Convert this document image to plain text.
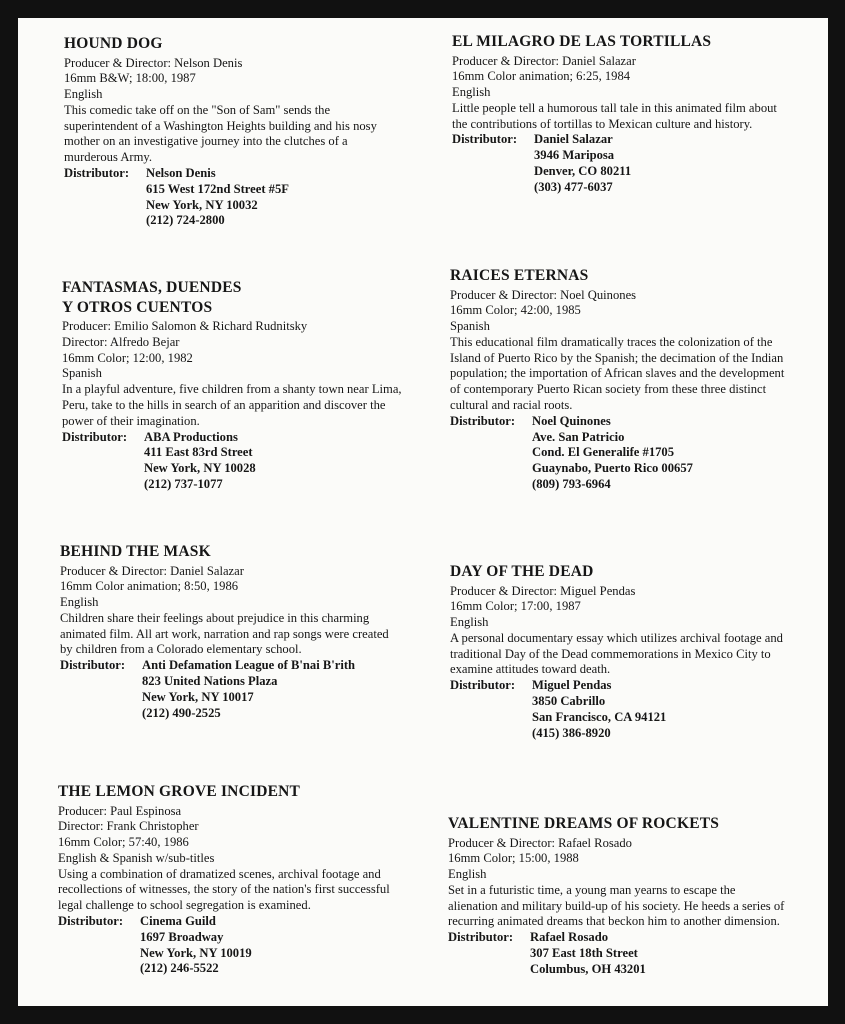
HOUND DOG
Producer & Director: Nelson Denis
16mm B&W; 18:00, 1987
English
This comedic take off on the "Son of Sam" sends the superintendent of a Washington Heights building and his nosy mother on an investigative journey into the clutches of a murderous Army.
Distributor:	Nelson Denis
615 West 172nd Street #5F
New York, NY 10032
(212) 724-2800
FANTASMAS, DUENDES
Y OTROS CUENTOS
Producer: Emilio Salomon & Richard Rudnitsky
Director: Alfredo Bejar
16mm Color; 12:00, 1982
Spanish
In a playful adventure, five children from a shanty town near Lima, Peru, take to the hills in search of an apparition and discover the power of their imagination.
Distributor:	ABA Productions
411 East 83rd Street
New York, NY 10028
(212) 737-1077
BEHIND THE MASK
Producer & Director: Daniel Salazar
16mm Color animation; 8:50, 1986
English
Children share their feelings about prejudice in this charming animated film. All art work, narration and rap songs were created by children from a Colorado elementary school.
Distributor:	Anti Defamation League of B'nai B'rith
823 United Nations Plaza
New York, NY 10017
(212) 490-2525
THE LEMON GROVE INCIDENT
Producer: Paul Espinosa
Director: Frank Christopher
16mm Color; 57:40, 1986
English & Spanish w/sub-titles
Using a combination of dramatized scenes, archival footage and recollections of witnesses, the story of the nation's first successful legal challenge to school segregation is examined.
Distributor:	Cinema Guild
1697 Broadway
New York, NY 10019
(212) 246-5522
EL MILAGRO DE LAS TORTILLAS
Producer & Director: Daniel Salazar
16mm Color animation; 6:25, 1984
English
Little people tell a humorous tall tale in this animated film about the contributions of tortillas to Mexican culture and history.
Distributor:	Daniel Salazar
3946 Mariposa
Denver, CO 80211
(303) 477-6037
RAICES ETERNAS
Producer & Director: Noel Quinones
16mm Color; 42:00, 1985
Spanish
This educational film dramatically traces the colonization of the Island of Puerto Rico by the Spanish; the decimation of the Indian population; the importation of African slaves and the development of contemporary Puerto Rican society from these three distinct cultural and racial roots.
Distributor:	Noel Quinones
Ave. San Patricio
Cond. El Generalife #1705
Guaynabo, Puerto Rico 00657
(809) 793-6964
DAY OF THE DEAD
Producer & Director: Miguel Pendas
16mm Color; 17:00, 1987
English
A personal documentary essay which utilizes archival footage and traditional Day of the Dead commemorations in Mexico City to examine attitudes toward death.
Distributor:	Miguel Pendas
3850 Cabrillo
San Francisco, CA 94121
(415) 386-8920
VALENTINE DREAMS OF ROCKETS
Producer & Director: Rafael Rosado
16mm Color; 15:00, 1988
English
Set in a futuristic time, a young man yearns to escape the alienation and military build-up of his society. He heeds a series of recurring animated dreams that beckon him to another dimension.
Distributor:	Rafael Rosado
307 East 18th Street
Columbus, OH 43201
